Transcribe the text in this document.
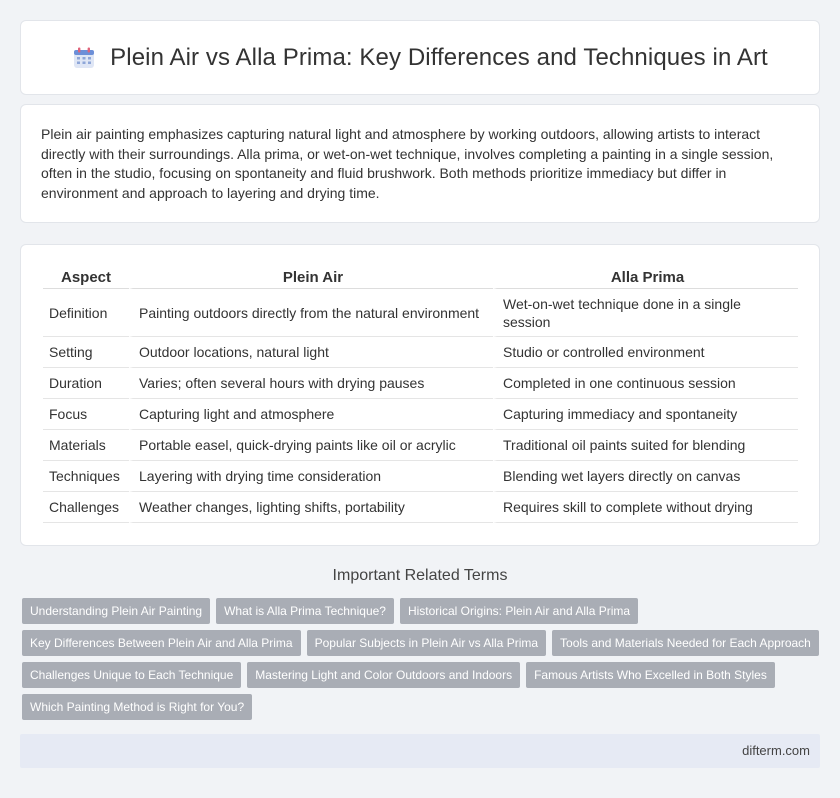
Plein Air vs Alla Prima: Key Differences and Techniques in Art

Plein air painting emphasizes capturing natural light and atmosphere by working outdoors, allowing artists to interact directly with their surroundings. Alla prima, or wet-on-wet technique, involves completing a painting in a single session, often in the studio, focusing on spontaneity and fluid brushwork. Both methods prioritize immediacy but differ in environment and approach to layering and drying time.

Aspect	Plein Air	Alla Prima
Definition	Painting outdoors directly from the natural environment	Wet-on-wet technique done in a single session
Setting	Outdoor locations, natural light	Studio or controlled environment
Duration	Varies; often several hours with drying pauses	Completed in one continuous session
Focus	Capturing light and atmosphere	Capturing immediacy and spontaneity
Materials	Portable easel, quick-drying paints like oil or acrylic	Traditional oil paints suited for blending
Techniques	Layering with drying time consideration	Blending wet layers directly on canvas
Challenges	Weather changes, lighting shifts, portability	Requires skill to complete without drying
Important Related Terms
Understanding Plein Air Painting	What is Alla Prima Technique?	Historical Origins: Plein Air and Alla Prima
Key Differences Between Plein Air and Alla Prima	Popular Subjects in Plein Air vs Alla Prima	Tools and Materials Needed for Each Approach
Challenges Unique to Each Technique	Mastering Light and Color Outdoors and Indoors	Famous Artists Who Excelled in Both Styles
Which Painting Method is Right for You?
difterm.com
